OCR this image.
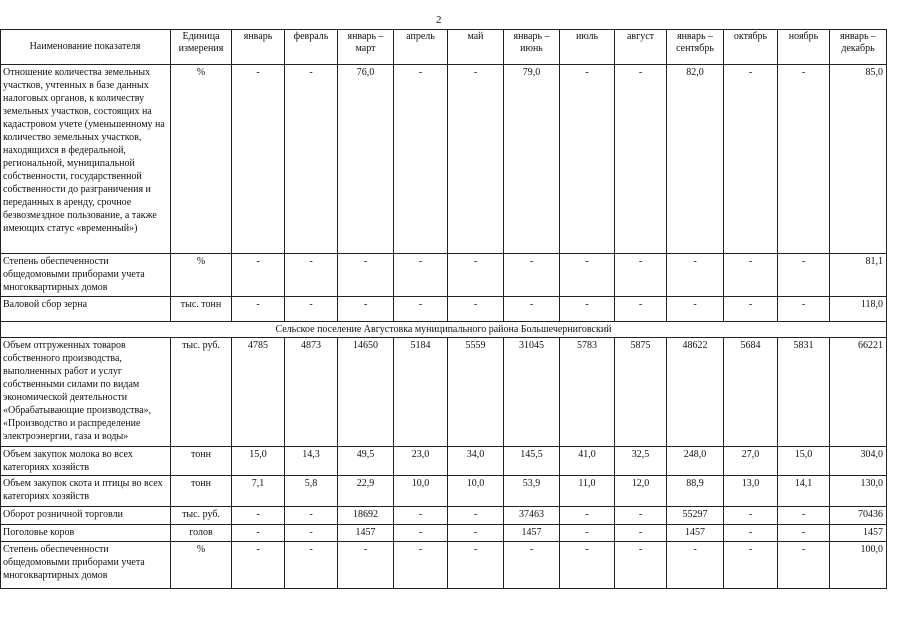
2
Наименование показателя	Единица измерения	январь	февраль	январь – март	апрель	май	январь – июнь	июль	август	январь – сентябрь	октябрь	ноябрь	январь – декабрь
Отношение количества земельных участков, учтенных в базе данных налоговых органов, к количеству земельных участков, состоящих на кадастровом учете (уменьшенному на количество земельных участков, находящихся в федеральной, региональной, муниципальной собственности, государственной собственности до разграничения и переданных в аренду, срочное безвозмездное пользование, а также имеющих статус «временный»)	%	-	-	76,0	-	-	79,0	-	-	82,0	-	-	85,0
Степень обеспеченности общедомовыми приборами учета многоквартирных домов	%	-	-	-	-	-	-	-	-	-	-	-	81,1
Валовой сбор зерна	тыс. тонн	-	-	-	-	-	-	-	-	-	-	-	118,0
Сельское поселение Августовка муниципального района Большечерниговский													
Объем отгруженных товаров собственного производства, выполненных работ и услуг собственными силами по видам экономической деятельности «Обрабатывающие производства», «Производство и распределение электроэнергии, газа и воды»	тыс. руб.	4785	4873	14650	5184	5559	31045	5783	5875	48622	5684	5831	66221
Объем закупок молока во всех категориях хозяйств	тонн	15,0	14,3	49,5	23,0	34,0	145,5	41,0	32,5	248,0	27,0	15,0	304,0
Объем закупок скота и птицы во всех категориях хозяйств	тонн	7,1	5,8	22,9	10,0	10,0	53,9	11,0	12,0	88,9	13,0	14,1	130,0
Оборот розничной торговли	тыс. руб.	-	-	18692	-	-	37463	-	-	55297	-	-	70436
Поголовье коров	голов	-	-	1457	-	-	1457	-	-	1457	-	-	1457
Степень обеспеченности общедомовыми приборами учета многоквартирных домов	%	-	-	-	-	-	-	-	-	-	-	-	100,0
